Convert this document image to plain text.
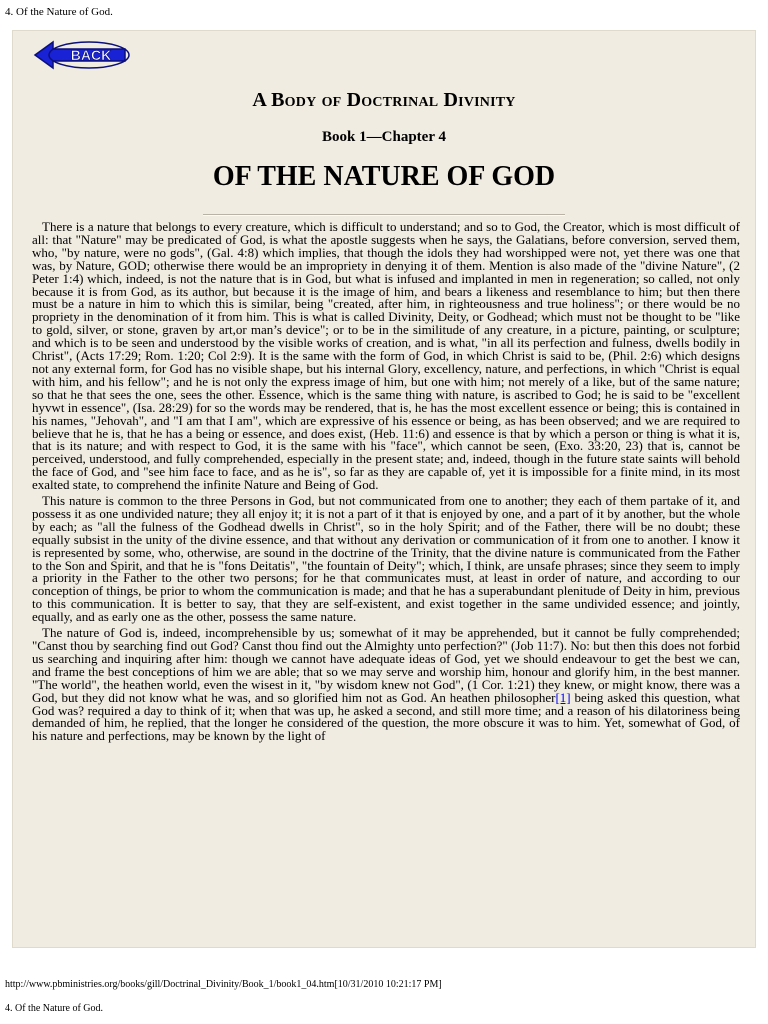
4. Of the Nature of God.
BACK
A Body of Doctrinal Divinity
Book 1—Chapter 4
OF THE NATURE OF GOD

There is a nature that belongs to every creature, which is difficult to understand; and so to God, the Creator, which is most difficult of all: that "Nature" may be predicated of God, is what the apostle suggests when he says, the Galatians, before conversion, served them, who, "by nature, were no gods", (Gal. 4:8) which implies, that though the idols they had worshipped were not, yet there was one that was, by Nature, GOD; otherwise there would be an impropriety in denying it of them. Mention is also made of the "divine Nature", (2 Peter 1:4) which, indeed, is not the nature that is in God, but what is infused and implanted in men in regeneration; so called, not only because it is from God, as its author, but because it is the image of him, and bears a likeness and resemblance to him; but then there must be a nature in him to which this is similar, being "created, after him, in righteousness and true holiness"; or there would be no propriety in the denomination of it from him. This is what is called Divinity, Deity, or Godhead; which must not be thought to be "like to gold, silver, or stone, graven by art,or man’s device"; or to be in the similitude of any creature, in a picture, painting, or sculpture; and which is to be seen and understood by the visible works of creation, and is what, "in all its perfection and fulness, dwells bodily in Christ", (Acts 17:29; Rom. 1:20; Col 2:9). It is the same with the form of God, in which Christ is said to be, (Phil. 2:6) which designs not any external form, for God has no visible shape, but his internal Glory, excellency, nature, and perfections, in which "Christ is equal with him, and his fellow"; and he is not only the express image of him, but one with him; not merely of a like, but of the same nature; so that he that sees the one, sees the other. Essence, which is the same thing with nature, is ascribed to God; he is said to be "excellent hyvwt in essence", (Isa. 28:29) for so the words may be rendered, that is, he has the most excellent essence or being; this is contained in his names, "Jehovah", and "I am that I am", which are expressive of his essence or being, as has been observed; and we are required to believe that he is, that he has a being or essence, and does exist, (Heb. 11:6) and essence is that by which a person or thing is what it is, that is its nature; and with respect to God, it is the same with his "face", which cannot be seen, (Exo. 33:20, 23) that is, cannot be perceived, understood, and fully comprehended, especially in the present state; and, indeed, though in the future state saints will behold the face of God, and "see him face to face, and as he is", so far as they are capable of, yet it is impossible for a finite mind, in its most exalted state, to comprehend the infinite Nature and Being of God.

This nature is common to the three Persons in God, but not communicated from one to another; they each of them partake of it, and possess it as one undivided nature; they all enjoy it; it is not a part of it that is enjoyed by one, and a part of it by another, but the whole by each; as "all the fulness of the Godhead dwells in Christ", so in the holy Spirit; and of the Father, there will be no doubt; these equally subsist in the unity of the divine essence, and that without any derivation or communication of it from one to another. I know it is represented by some, who, otherwise, are sound in the doctrine of the Trinity, that the divine nature is communicated from the Father to the Son and Spirit, and that he is "fons Deitatis", "the fountain of Deity"; which, I think, are unsafe phrases; since they seem to imply a priority in the Father to the other two persons; for he that communicates must, at least in order of nature, and according to our conception of things, be prior to whom the communication is made; and that he has a superabundant plenitude of Deity in him, previous to this communication. It is better to say, that they are self-existent, and exist together in the same undivided essence; and jointly, equally, and as early one as the other, possess the same nature.

The nature of God is, indeed, incomprehensible by us; somewhat of it may be apprehended, but it cannot be fully comprehended; "Canst thou by searching find out God? Canst thou find out the Almighty unto perfection?" (Job 11:7). No: but then this does not forbid us searching and inquiring after him: though we cannot have adequate ideas of God, yet we should endeavour to get the best we can, and frame the best conceptions of him we are able; that so we may serve and worship him, honour and glorify him, in the best manner. "The world", the heathen world, even the wisest in it, "by wisdom knew not God", (1 Cor. 1:21) they knew, or might know, there was a God, but they did not know what he was, and so glorified him not as God. An heathen philosopher[1] being asked this question, what God was? required a day to think of it; when that was up, he asked a second, and still more time; and a reason of his dilatoriness being demanded of him, he replied, that the longer he considered of the question, the more obscure it was to him. Yet, somewhat of God, of his nature and perfections, may be known by the light of

http://www.pbministries.org/books/gill/Doctrinal_Divinity/Book_1/book1_04.htm[10/31/2010 10:21:17 PM]
4. Of the Nature of God.
